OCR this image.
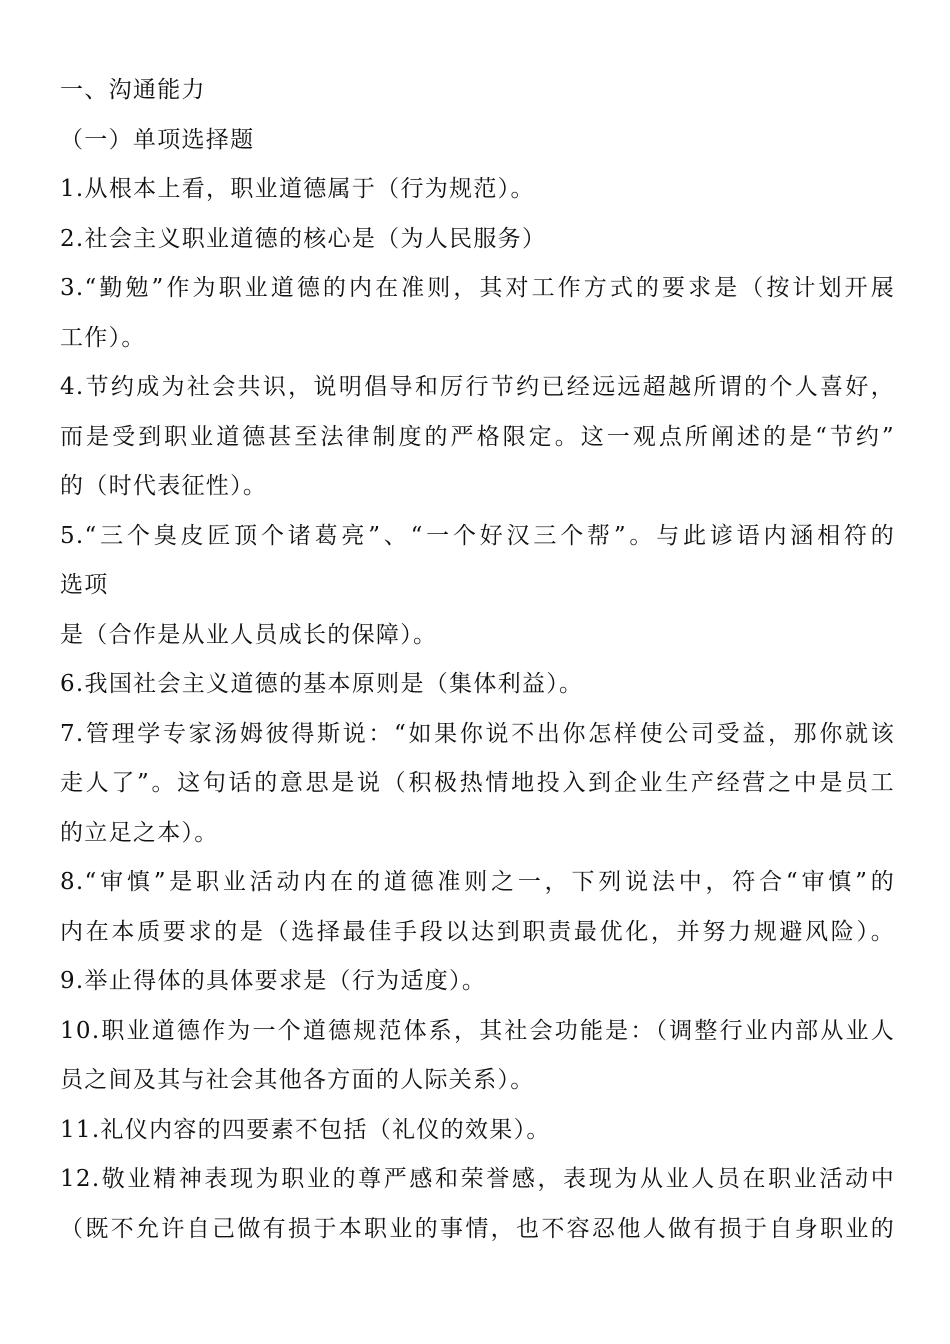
一、沟通能力
（一）单项选择题
1.从根本上看，职业道德属于（行为规范）。
2.社会主义职业道德的核心是（为人民服务）
3.“勤勉”作为职业道德的内在准则，其对工作方式的要求是（按计划开展
工作）。
4.节约成为社会共识，说明倡导和厉行节约已经远远超越所谓的个人喜好，
而是受到职业道德甚至法律制度的严格限定。这一观点所阐述的是“节约”
的（时代表征性）。
5.“三个臭皮匠顶个诸葛亮”、“一个好汉三个帮”。与此谚语内涵相符的
选项
是（合作是从业人员成长的保障）。
6.我国社会主义道德的基本原则是（集体利益）。
7.管理学专家汤姆彼得斯说：“如果你说不出你怎样使公司受益，那你就该
走人了”。这句话的意思是说（积极热情地投入到企业生产经营之中是员工
的立足之本）。
8.“审慎”是职业活动内在的道德准则之一，下列说法中，符合“审慎”的
内在本质要求的是（选择最佳手段以达到职责最优化，并努力规避风险）。
9.举止得体的具体要求是（行为适度）。
10.职业道德作为一个道德规范体系，其社会功能是：（调整行业内部从业人
员之间及其与社会其他各方面的人际关系）。
11.礼仪内容的四要素不包括（礼仪的效果）。
12.敬业精神表现为职业的尊严感和荣誉感，表现为从业人员在职业活动中
（既不允许自己做有损于本职业的事情，也不容忍他人做有损于自身职业的
